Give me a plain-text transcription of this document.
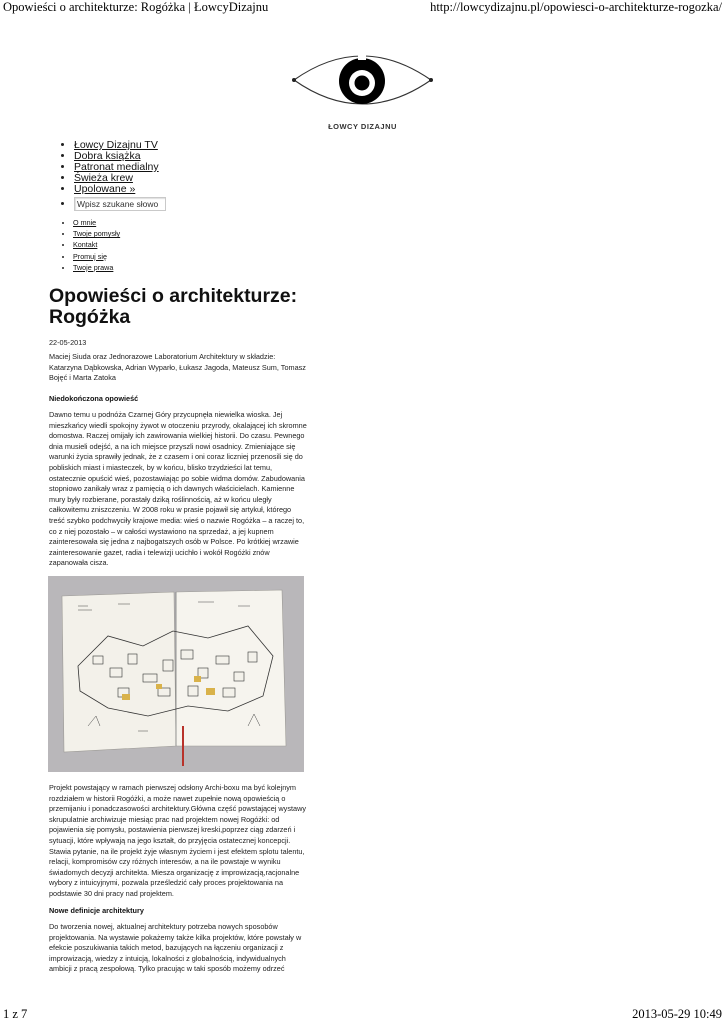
Opowieści o architekturze: Rogóżka | ŁowcyDizajnu	http://lowcydizajnu.pl/opowiesci-o-architekturze-rogozka/
ŁOWCY DIZAJNU
• Łowcy Dizajnu TV
• Dobra książka
• Patronat medialny
• Świeża krew
• Upolowane »
• Wpisz szukane słowo
• O mnie
• Twoje pomysły
• Kontakt
• Promuj się
• Twoje prawa
Opowieści o architekturze: Rogóżka
22-05-2013

Maciej Siuda oraz Jednorazowe Laboratorium Architektury w składzie: Katarzyna Dąbkowska, Adrian Wyparło, Łukasz Jagoda, Mateusz Sum, Tomasz Bojęć i Marta Zatoka

Niedokończona opowieść

Dawno temu u podnóża Czarnej Góry przycupnęła niewielka wioska. Jej mieszkańcy wiedli spokojny żywot w otoczeniu przyrody, okalającej ich skromne domostwa. Raczej omijały ich zawirowania wielkiej historii. Do czasu. Pewnego dnia musieli odejść, a na ich miejsce przyszli nowi osadnicy. Zmieniające się warunki życia sprawiły jednak, że z czasem i oni coraz liczniej przenosili się do pobliskich miast i miasteczek, by w końcu, blisko trzydzieści lat temu, ostatecznie opuścić wieś, pozostawiając po sobie widma domów. Zabudowania stopniowo zanikały wraz z pamięcią o ich dawnych właścicielach. Kamienne mury były rozbierane, porastały dziką roślinnością, aż w końcu uległy całkowitemu zniszczeniu. W 2008 roku w prasie pojawił się artykuł, którego treść szybko podchwyciły krajowe media: wieś o nazwie Rogóżka – a raczej to, co z niej pozostało – w całości wystawiono na sprzedaż, a jej kupnem zainteresowała się jedna z najbogatszych osób w Polsce. Po krótkiej wrzawie zainteresowanie gazet, radia i telewizji ucichło i wokół Rogóżki znów zapanowała cisza.

Projekt powstający w ramach pierwszej odsłony Archi-boxu ma być kolejnym rozdziałem w historii Rogóżki, a może nawet zupełnie nową opowieścią o przemijaniu i ponadczasowości architektury.Główna część powstającej wystawy skrupulatnie archiwizuje miesiąc prac nad projektem nowej Rogóżki: od pojawienia się pomysłu, postawienia pierwszej kreski,poprzez ciąg zdarzeń i sytuacji, które wpływają na jego kształt, do przyjęcia ostatecznej koncepcji. Stawia pytanie, na ile projekt żyje własnym życiem i jest efektem splotu talentu, relacji, kompromisów czy różnych interesów, a na ile powstaje w wyniku świadomych decyzji architekta. Miesza organizację z improwizacją,racjonalne wybory z intuicyjnymi, pozwala prześledzić cały proces projektowania na podstawie 30 dni pracy nad projektem.

Nowe definicje architektury

Do tworzenia nowej, aktualnej architektury potrzeba nowych sposobów projektowania. Na wystawie pokażemy także kilka projektów, które powstały w efekcie poszukiwania takich metod, bazujących na łączeniu organizacji z improwizacją, wiedzy z intuicją, lokalności z globalnością, indywidualnych ambicji z pracą zespołową. Tylko pracując w taki sposób możemy odrzeć

1 z 7	2013-05-29 10:49
